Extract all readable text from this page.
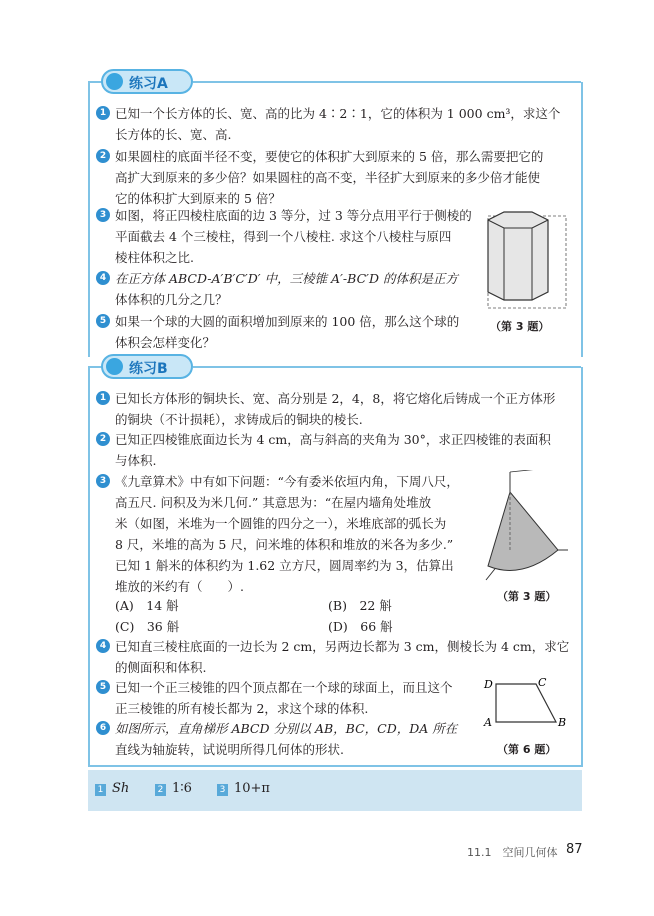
练习A
1 已知一个长方体的长、宽、高的比为 4∶2∶1，它的体积为 1 000 cm³，求这个
长方体的长、宽、高.
2 如果圆柱的底面半径不变，要使它的体积扩大到原来的 5 倍，那么需要把它的
高扩大到原来的多少倍？如果圆柱的高不变，半径扩大到原来的多少倍才能使
它的体积扩大到原来的 5 倍？
3 如图，将正四棱柱底面的边 3 等分，过 3 等分点用平行于侧棱的
平面截去 4 个三棱柱，得到一个八棱柱. 求这个八棱柱与原四
棱柱体积之比.
4 在正方体 ABCD-A′B′C′D′ 中，三棱锥 A′-BC′D 的体积是正方
体体积的几分之几？
5 如果一个球的大圆的面积增加到原来的 100 倍，那么这个球的
体积会怎样变化？
（第 3 题）
练习B
1 已知长方体形的铜块长、宽、高分别是 2，4，8，将它熔化后铸成一个正方体形
的铜块（不计损耗），求铸成后的铜块的棱长.
2 已知正四棱锥底面边长为 4 cm，高与斜高的夹角为 30°，求正四棱锥的表面积
与体积.
3 《九章算术》中有如下问题：“今有委米依垣内角，下周八尺，
高五尺. 问积及为米几何.” 其意思为：“在屋内墙角处堆放
米（如图，米堆为一个圆锥的四分之一），米堆底部的弧长为
8 尺，米堆的高为 5 尺，问米堆的体积和堆放的米各为多少.”
已知 1 斛米的体积约为 1.62 立方尺，圆周率约为 3，估算出
堆放的米约有（　　）.
(A)　14 斛	(B)　22 斛
(C)　36 斛	(D)　66 斛
4 已知直三棱柱底面的一边长为 2 cm，另两边长都为 3 cm，侧棱长为 4 cm，求它
的侧面积和体积.
5 已知一个正三棱锥的四个顶点都在一个球的球面上，而且这个
正三棱锥的所有棱长都为 2，求这个球的体积.
6 如图所示，直角梯形 ABCD 分别以 AB，BC，CD，DA 所在
直线为轴旋转，试说明所得几何体的形状.
（第 3 题）
D	C
A	B
（第 6 题）
1 Sh	2 1∶6	3 10+π
11.1　空间几何体 87
